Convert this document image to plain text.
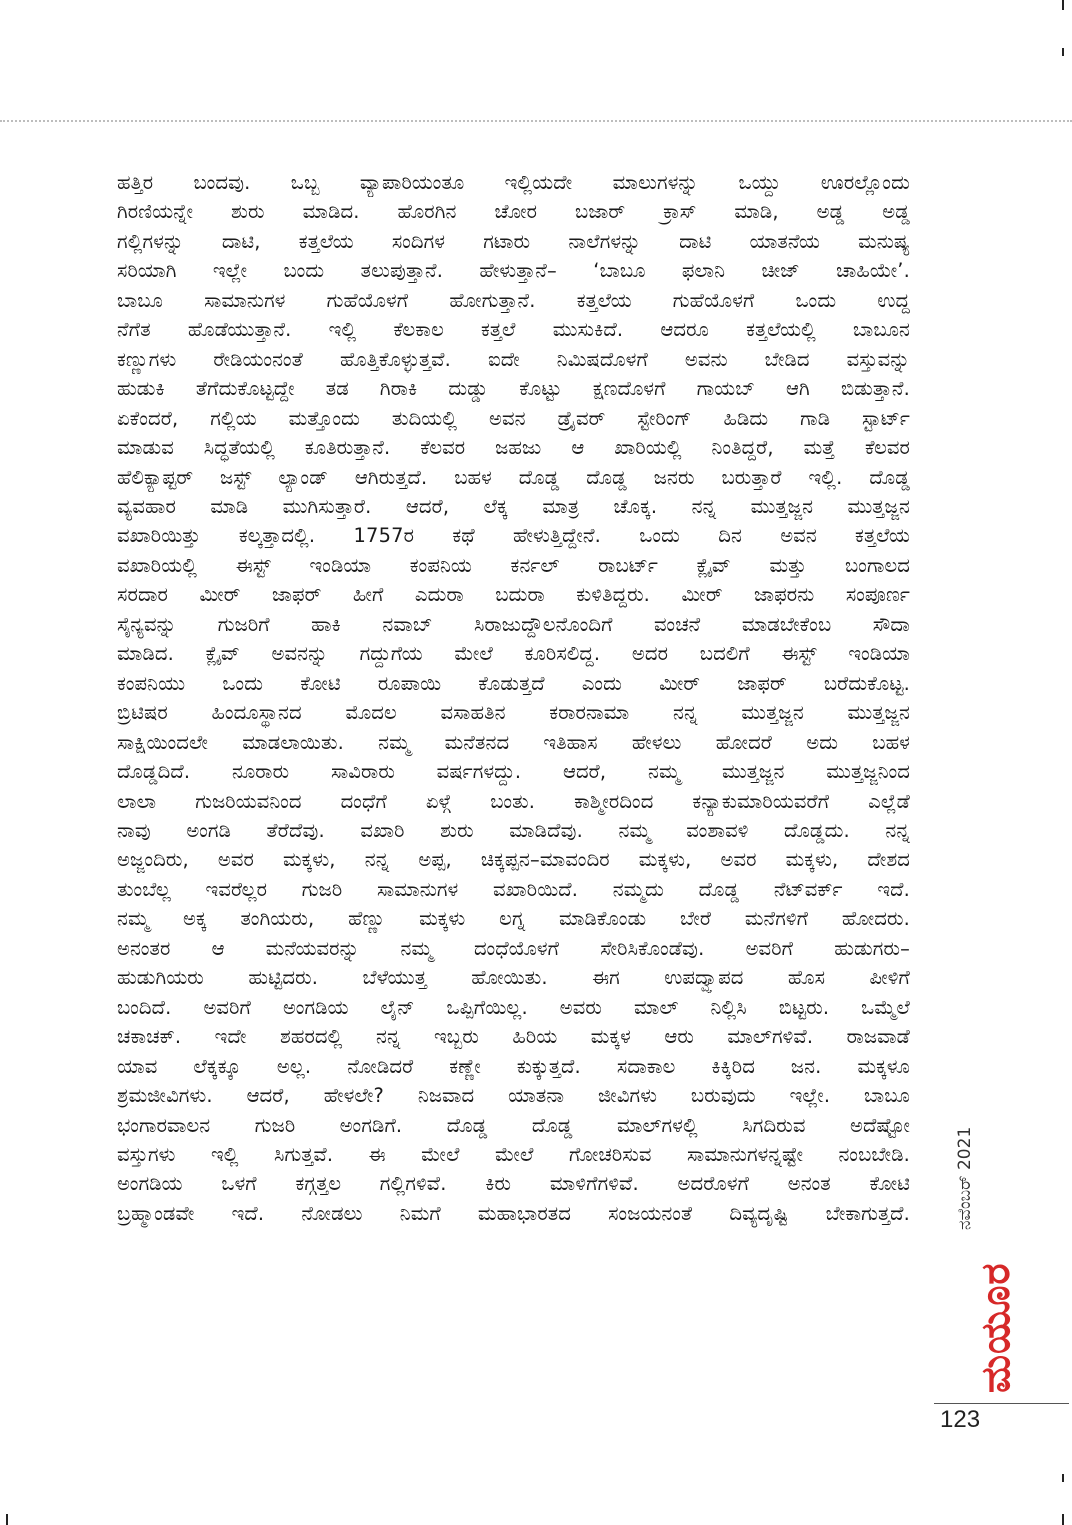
ಹತ್ತಿರ ಬಂದವು. ಒಬ್ಬ ವ್ಯಾಪಾರಿಯಂತೂ ಇಲ್ಲಿಯದೇ ಮಾಲುಗಳನ್ನು ಒಯ್ದು ಊರಲ್ಲೊಂದು
ಗಿರಣಿಯನ್ನೇ ಶುರು ಮಾಡಿದ. ಹೊರಗಿನ ಚೋರ ಬಜಾರ್ ಕ್ರಾಸ್ ಮಾಡಿ, ಅಡ್ಡ ಅಡ್ಡ
ಗಲ್ಲಿಗಳನ್ನು ದಾಟಿ, ಕತ್ತಲೆಯ ಸಂದಿಗಳ ಗಟಾರು ನಾಲೆಗಳನ್ನು ದಾಟಿ ಯಾತನೆಯ ಮನುಷ್ಯ
ಸರಿಯಾಗಿ ಇಲ್ಲೇ ಬಂದು ತಲುಪುತ್ತಾನೆ. ಹೇಳುತ್ತಾನೆ– ‘ಬಾಬೂ ಫಲಾನಿ ಚೀಜ್ ಚಾಹಿಯೇ’.
ಬಾಬೂ ಸಾಮಾನುಗಳ ಗುಹೆಯೊಳಗೆ ಹೋಗುತ್ತಾನೆ. ಕತ್ತಲೆಯ ಗುಹೆಯೊಳಗೆ ಒಂದು ಉದ್ದ
ನೆಗೆತ ಹೊಡೆಯುತ್ತಾನೆ. ಇಲ್ಲಿ ಕೆಲಕಾಲ ಕತ್ತಲೆ ಮುಸುಕಿದೆ. ಆದರೂ ಕತ್ತಲೆಯಲ್ಲಿ ಬಾಬೂನ
ಕಣ್ಣುಗಳು ರೇಡಿಯಂನಂತೆ ಹೊತ್ತಿಕೊಳ್ಳುತ್ತವೆ. ಐದೇ ನಿಮಿಷದೊಳಗೆ ಅವನು ಬೇಡಿದ ವಸ್ತುವನ್ನು
ಹುಡುಕಿ ತೆಗೆದುಕೊಟ್ಟದ್ದೇ ತಡ ಗಿರಾಕಿ ದುಡ್ಡು ಕೊಟ್ಟು ಕ್ಷಣದೊಳಗೆ ಗಾಯಬ್ ಆಗಿ ಬಿಡುತ್ತಾನೆ.
ಏಕೆಂದರೆ, ಗಲ್ಲಿಯ ಮತ್ತೊಂದು ತುದಿಯಲ್ಲಿ ಅವನ ಡ್ರೈವರ್ ಸ್ಟೇರಿಂಗ್ ಹಿಡಿದು ಗಾಡಿ ಸ್ಟಾರ್ಟ್
ಮಾಡುವ ಸಿದ್ಧತೆಯಲ್ಲಿ ಕೂತಿರುತ್ತಾನೆ. ಕೆಲವರ ಜಹಜು ಆ ಖಾರಿಯಲ್ಲಿ ನಿಂತಿದ್ದರೆ, ಮತ್ತೆ ಕೆಲವರ
ಹೆಲಿಕ್ಯಾಪ್ಟರ್ ಜಸ್ಟ್ ಲ್ಯಾಂಡ್ ಆಗಿರುತ್ತದೆ. ಬಹಳ ದೊಡ್ಡ ದೊಡ್ಡ ಜನರು ಬರುತ್ತಾರೆ ಇಲ್ಲಿ. ದೊಡ್ಡ
ವ್ಯವಹಾರ ಮಾಡಿ ಮುಗಿಸುತ್ತಾರೆ. ಆದರೆ, ಲೆಕ್ಕ ಮಾತ್ರ ಚೊಕ್ಕ. ನನ್ನ ಮುತ್ತಜ್ಜನ ಮುತ್ತಜ್ಜನ
ವಖಾರಿಯಿತ್ತು ಕಲ್ಕತ್ತಾದಲ್ಲಿ. 1757ರ ಕಥೆ ಹೇಳುತ್ತಿದ್ದೇನೆ. ಒಂದು ದಿನ ಅವನ ಕತ್ತಲೆಯ
ವಖಾರಿಯಲ್ಲಿ ಈಸ್ಟ್ ಇಂಡಿಯಾ ಕಂಪನಿಯ ಕರ್ನಲ್ ರಾಬರ್ಟ್ ಕ್ಲೈವ್ ಮತ್ತು ಬಂಗಾಲದ
ಸರದಾರ ಮೀರ್ ಜಾಫರ್ ಹೀಗೆ ಎದುರಾ ಬದುರಾ ಕುಳಿತಿದ್ದರು. ಮೀರ್ ಜಾಫರನು ಸಂಪೂರ್ಣ
ಸೈನ್ಯವನ್ನು ಗುಜರಿಗೆ ಹಾಕಿ ನವಾಬ್ ಸಿರಾಜುದ್ದೌಲನೊಂದಿಗೆ ವಂಚನೆ ಮಾಡಬೇಕೆಂಬ ಸೌದಾ
ಮಾಡಿದ. ಕ್ಲೈವ್ ಅವನನ್ನು ಗದ್ದುಗೆಯ ಮೇಲೆ ಕೂರಿಸಲಿದ್ದ. ಅದರ ಬದಲಿಗೆ ಈಸ್ಟ್ ಇಂಡಿಯಾ
ಕಂಪನಿಯು ಒಂದು ಕೋಟಿ ರೂಪಾಯಿ ಕೊಡುತ್ತದೆ ಎಂದು ಮೀರ್ ಜಾಫರ್ ಬರೆದುಕೊಟ್ಟ.
ಬ್ರಿಟಿಷರ ಹಿಂದೂಸ್ಥಾನದ ಮೊದಲ ವಸಾಹತಿನ ಕರಾರನಾಮಾ ನನ್ನ ಮುತ್ತಜ್ಜನ ಮುತ್ತಜ್ಜನ
ಸಾಕ್ಷಿಯಿಂದಲೇ ಮಾಡಲಾಯಿತು. ನಮ್ಮ ಮನೆತನದ ಇತಿಹಾಸ ಹೇಳಲು ಹೋದರೆ ಅದು ಬಹಳ
ದೊಡ್ಡದಿದೆ. ನೂರಾರು ಸಾವಿರಾರು ವರ್ಷಗಳದ್ದು. ಆದರೆ, ನಮ್ಮ ಮುತ್ತಜ್ಜನ ಮುತ್ತಜ್ಜನಿಂದ
ಲಾಲಾ ಗುಜರಿಯವನಿಂದ ದಂಧೆಗೆ ಏಳ್ಗೆ ಬಂತು. ಕಾಶ್ಮೀರದಿಂದ ಕನ್ಯಾಕುಮಾರಿಯವರೆಗೆ ಎಲ್ಲೆಡೆ
ನಾವು ಅಂಗಡಿ ತೆರೆದೆವು. ವಖಾರಿ ಶುರು ಮಾಡಿದೆವು. ನಮ್ಮ ವಂಶಾವಳಿ ದೊಡ್ಡದು. ನನ್ನ
ಅಜ್ಜಂದಿರು, ಅವರ ಮಕ್ಕಳು, ನನ್ನ ಅಪ್ಪ, ಚಿಕ್ಕಪ್ಪನ–ಮಾವಂದಿರ ಮಕ್ಕಳು, ಅವರ ಮಕ್ಕಳು, ದೇಶದ
ತುಂಬೆಲ್ಲ ಇವರೆಲ್ಲರ ಗುಜರಿ ಸಾಮಾನುಗಳ ವಖಾರಿಯಿದೆ. ನಮ್ಮದು ದೊಡ್ಡ ನೆಟ್‌ವರ್ಕ್ ಇದೆ.
ನಮ್ಮ ಅಕ್ಕ ತಂಗಿಯರು, ಹೆಣ್ಣು ಮಕ್ಕಳು ಲಗ್ನ ಮಾಡಿಕೊಂಡು ಬೇರೆ ಮನೆಗಳಿಗೆ ಹೋದರು.
ಅನಂತರ ಆ ಮನೆಯವರನ್ನು ನಮ್ಮ ದಂಧೆಯೊಳಗೆ ಸೇರಿಸಿಕೊಂಡೆವು. ಅವರಿಗೆ ಹುಡುಗರು–
ಹುಡುಗಿಯರು ಹುಟ್ಟಿದರು. ಬೆಳೆಯುತ್ತ ಹೋಯಿತು. ಈಗ ಉಪದ್ವ್ಯಾಪದ ಹೊಸ ಪೀಳಿಗೆ
ಬಂದಿದೆ. ಅವರಿಗೆ ಅಂಗಡಿಯ ಲೈನ್ ಒಪ್ಪಿಗೆಯಿಲ್ಲ. ಅವರು ಮಾಲ್ ನಿಲ್ಲಿಸಿ ಬಿಟ್ಟರು. ಒಮ್ಮೆಲೆ
ಚಕಾಚಕ್. ಇದೇ ಶಹರದಲ್ಲಿ ನನ್ನ ಇಬ್ಬರು ಹಿರಿಯ ಮಕ್ಕಳ ಆರು ಮಾಲ್‌ಗಳಿವೆ. ರಾಜವಾಡೆ
ಯಾವ ಲೆಕ್ಕಕ್ಕೂ ಅಲ್ಲ. ನೋಡಿದರೆ ಕಣ್ಣೇ ಕುಕ್ಕುತ್ತದೆ. ಸದಾಕಾಲ ಕಿಕ್ಕಿರಿದ ಜನ. ಮಕ್ಕಳೂ
ಶ್ರಮಜೀವಿಗಳು. ಆದರೆ, ಹೇಳಲೇ? ನಿಜವಾದ ಯಾತನಾ ಜೀವಿಗಳು ಬರುವುದು ಇಲ್ಲೇ. ಬಾಬೂ
ಭಂಗಾರವಾಲನ ಗುಜರಿ ಅಂಗಡಿಗೆ. ದೊಡ್ಡ ದೊಡ್ಡ ಮಾಲ್‌ಗಳಲ್ಲಿ ಸಿಗದಿರುವ ಅದೆಷ್ಟೋ
ವಸ್ತುಗಳು ಇಲ್ಲಿ ಸಿಗುತ್ತವೆ. ಈ ಮೇಲೆ ಮೇಲೆ ಗೋಚರಿಸುವ ಸಾಮಾನುಗಳನ್ನಷ್ಟೇ ನಂಬಬೇಡಿ.
ಅಂಗಡಿಯ ಒಳಗೆ ಕಗ್ಗತ್ತಲ ಗಲ್ಲಿಗಳಿವೆ. ಕಿರು ಮಾಳಿಗೆಗಳಿವೆ. ಅದರೊಳಗೆ ಅನಂತ ಕೋಟಿ
ಬ್ರಹ್ಮಾಂಡವೇ ಇದೆ. ನೋಡಲು ನಿಮಗೆ ಮಹಾಭಾರತದ ಸಂಜಯನಂತೆ ದಿವ್ಯದೃಷ್ಟಿ ಬೇಕಾಗುತ್ತದೆ.	ನವೆಂಬರ್ 2021
ಮಯೂರ
123
